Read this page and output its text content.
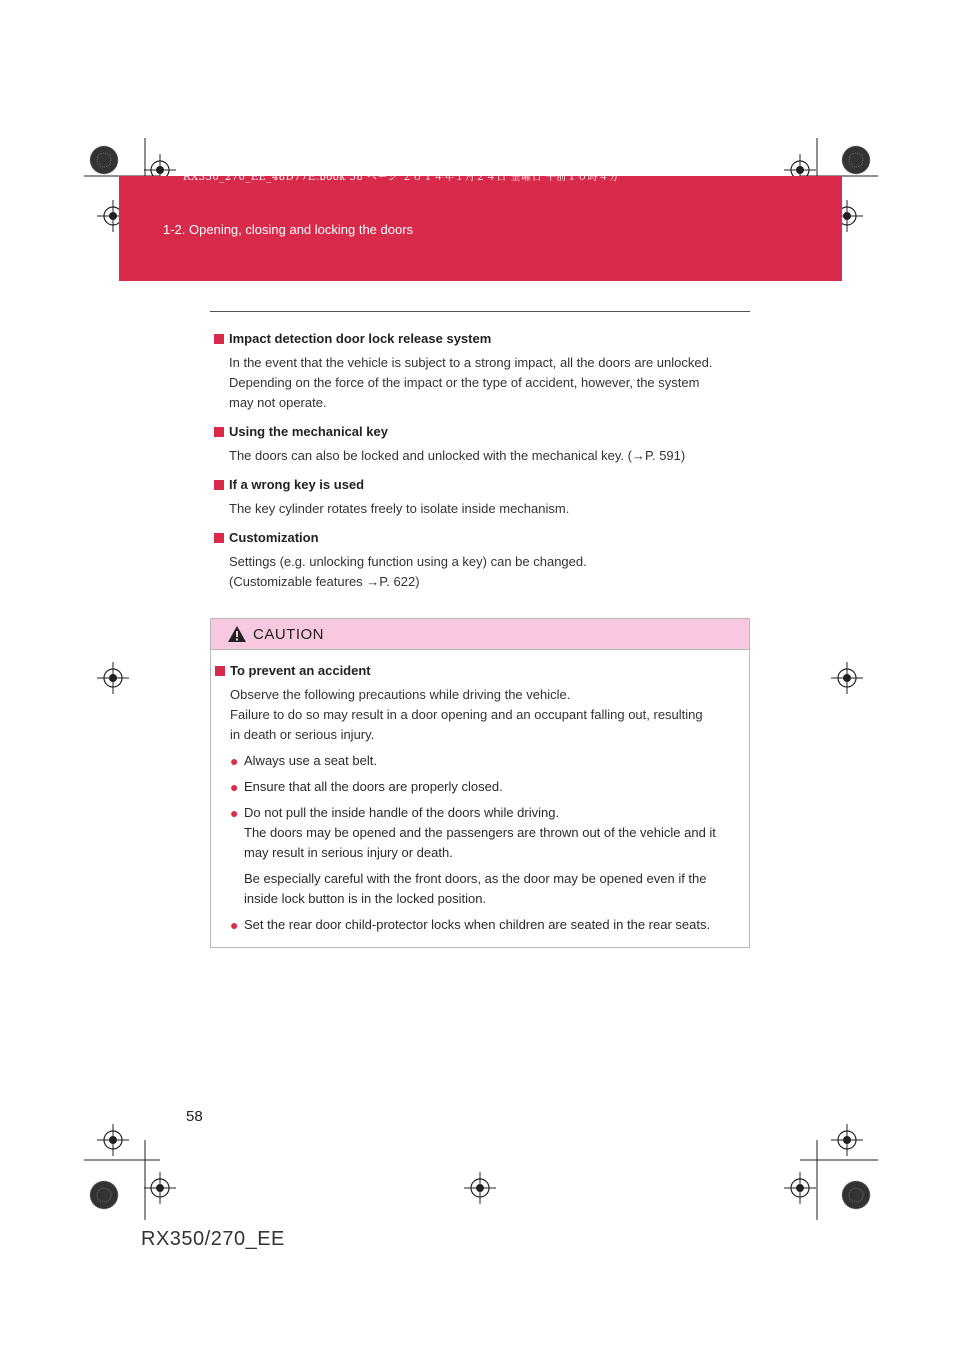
RX350_270_EE_48D77E.book 58 ページ ２０１４年１月２４日 金曜日 午前１０時４分
1-2. Opening, closing and locking the doors
Impact detection door lock release system
In the event that the vehicle is subject to a strong impact, all the doors are unlocked.
Depending on the force of the impact or the type of accident, however, the system
may not operate.
Using the mechanical key
The doors can also be locked and unlocked with the mechanical key. (→P. 591)
If a wrong key is used
The key cylinder rotates freely to isolate inside mechanism.
Customization
Settings (e.g. unlocking function using a key) can be changed.
(Customizable features →P. 622)
CAUTION
To prevent an accident
Observe the following precautions while driving the vehicle.
Failure to do so may result in a door opening and an occupant falling out, resulting
in death or serious injury.
● Always use a seat belt.

● Ensure that all the doors are properly closed.

● Do not pull the inside handle of the doors while driving.

The doors may be opened and the passengers are thrown out of the vehicle and it

may result in serious injury or death.

Be especially careful with the front doors, as the door may be opened even if the

inside lock button is in the locked position.

● Set the rear door child-protector locks when children are seated in the rear seats.

58
RX350/270_EE
